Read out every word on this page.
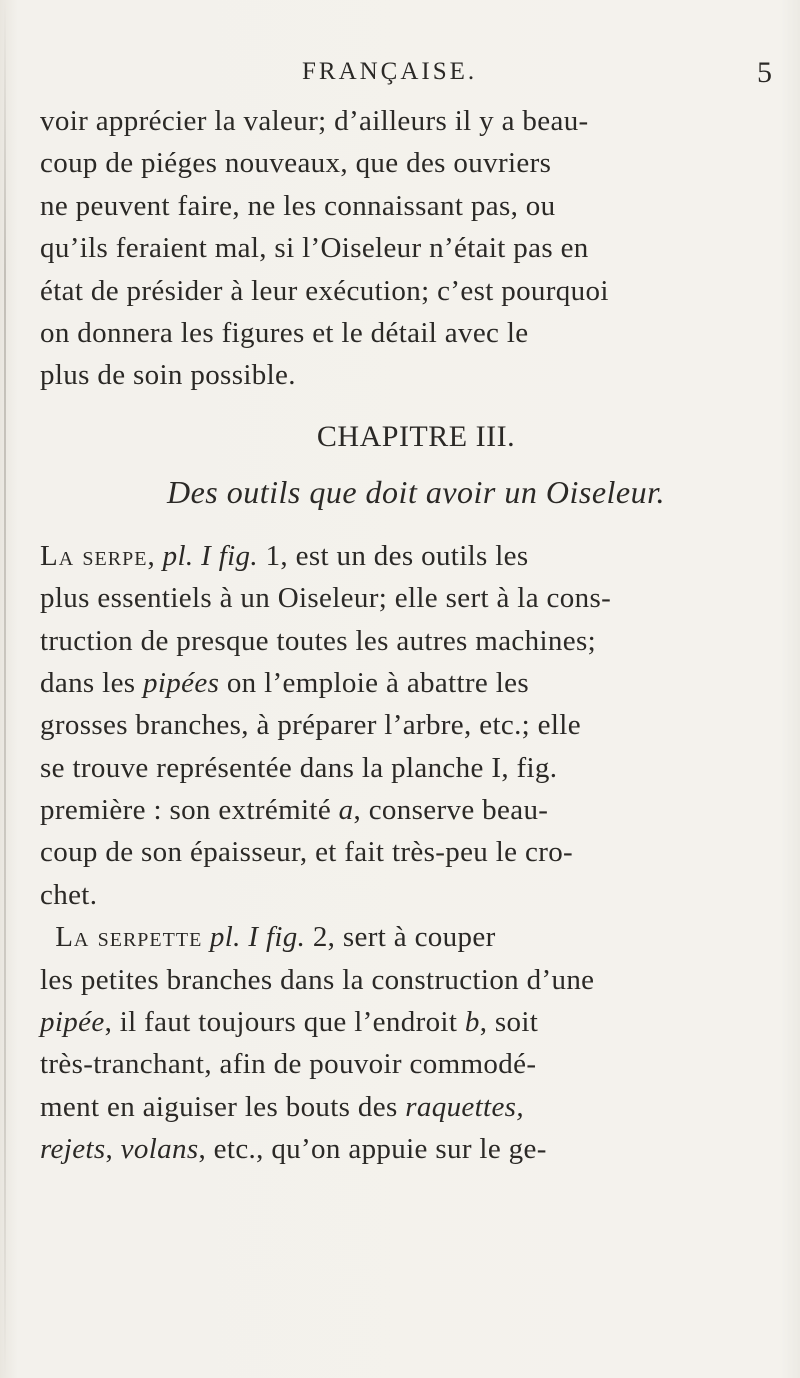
FRANÇAISE.	5
voir apprécier la valeur; d’ailleurs il y a beau-
coup de piéges nouveaux, que des ouvriers
ne peuvent faire, ne les connaissant pas, ou
qu’ils feraient mal, si l’Oiseleur n’était pas en
état de présider à leur exécution; c’est pourquoi
on donnera les figures et le détail avec le
plus de soin possible.
CHAPITRE III.
Des outils que doit avoir un Oiseleur.
La serpe, pl. I fig. 1, est un des outils les
plus essentiels à un Oiseleur; elle sert à la cons-
truction de presque toutes les autres machines;
dans les pipées on l’emploie à abattre les
grosses branches, à préparer l’arbre, etc.; elle
se trouve représentée dans la planche I, fig.
première : son extrémité a, conserve beau-
coup de son épaisseur, et fait très-peu le cro-
chet.
La serpette pl. I fig. 2, sert à couper
les petites branches dans la construction d’une
pipée, il faut toujours que l’endroit b, soit
très-tranchant, afin de pouvoir commodé-
ment en aiguiser les bouts des raquettes,
rejets, volans, etc., qu’on appuie sur le ge-
